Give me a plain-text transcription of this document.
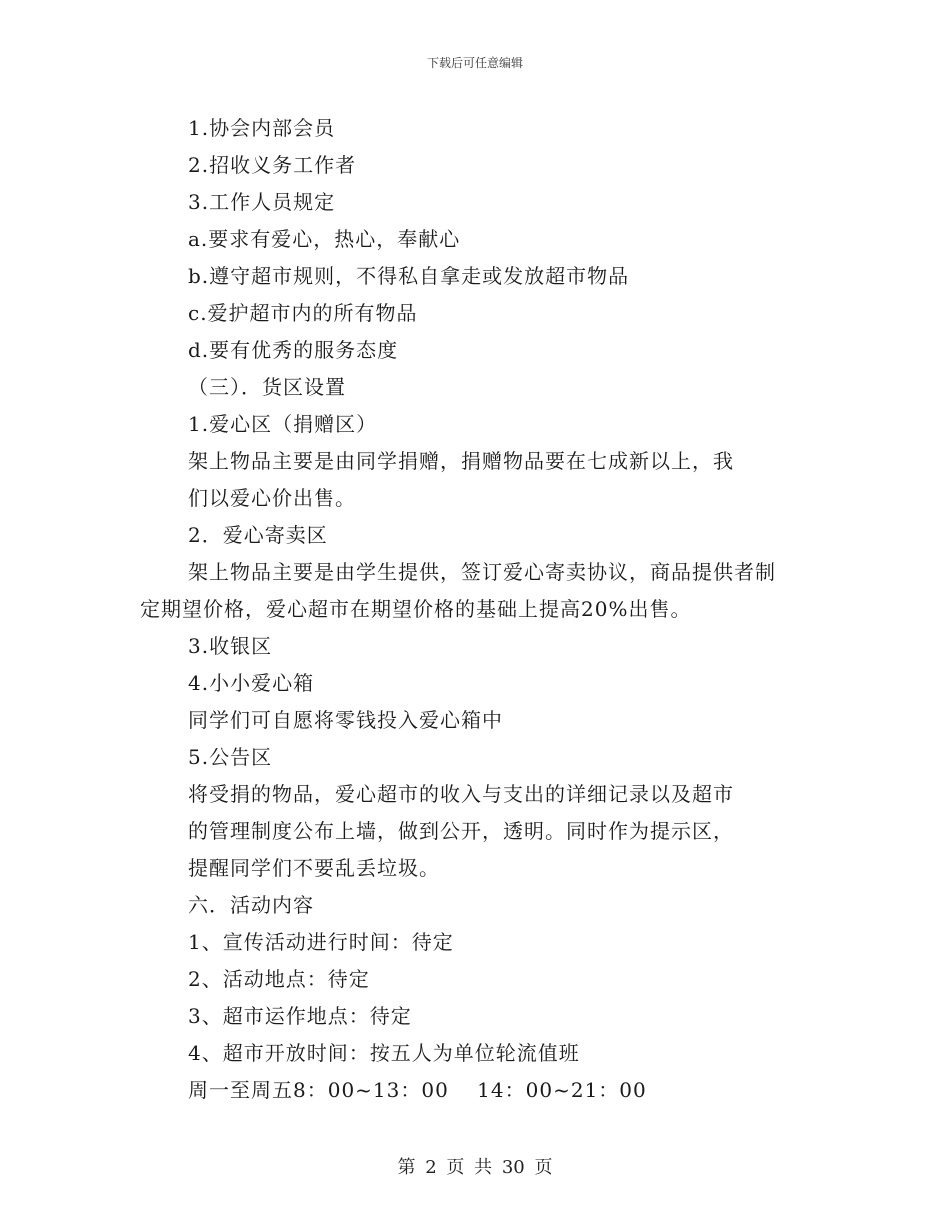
下载后可任意编辑
1.协会内部会员
2.招收义务工作者
3.工作人员规定
a.要求有爱心，热心，奉献心
b.遵守超市规则，不得私自拿走或发放超市物品
c.爱护超市内的所有物品
d.要有优秀的服务态度
（三）．货区设置
1.爱心区（捐赠区）
架上物品主要是由同学捐赠，捐赠物品要在七成新以上，我
们以爱心价出售。
2．爱心寄卖区
架上物品主要是由学生提供，签订爱心寄卖协议，商品提供者制
定期望价格，爱心超市在期望价格的基础上提高20%出售。
3.收银区
4.小小爱心箱
同学们可自愿将零钱投入爱心箱中
5.公告区
将受捐的物品，爱心超市的收入与支出的详细记录以及超市
的管理制度公布上墙，做到公开，透明。同时作为提示区，
提醒同学们不要乱丢垃圾。
六．活动内容
1、宣传活动进行时间：待定
2、活动地点：待定
3、超市运作地点：待定
4、超市开放时间：按五人为单位轮流值班
周一至周五8：00~13：00　 14：00~21：00
第 2 页 共 30 页
